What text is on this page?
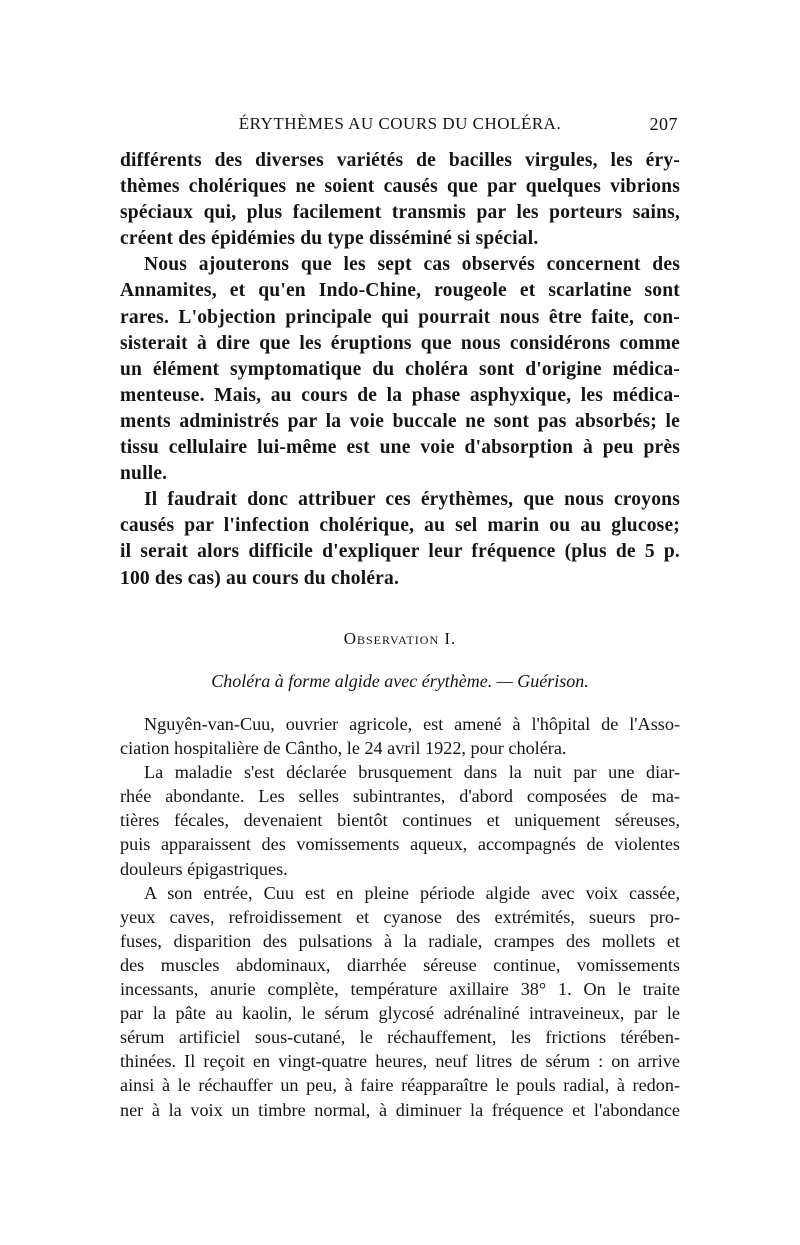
ÉRYTHÈMES AU COURS DU CHOLÉRA.	207
différents des diverses variétés de bacilles virgules, les éry-
thèmes cholériques ne soient causés que par quelques vibrions
spéciaux qui, plus facilement transmis par les porteurs sains,
créent des épidémies du type disséminé si spécial.
Nous ajouterons que les sept cas observés concernent des
Annamites, et qu'en Indo-Chine, rougeole et scarlatine sont
rares. L'objection principale qui pourrait nous être faite, con-
sisterait à dire que les éruptions que nous considérons comme
un élément symptomatique du choléra sont d'origine médica-
menteuse. Mais, au cours de la phase asphyxique, les médica-
ments administrés par la voie buccale ne sont pas absorbés; le
tissu cellulaire lui-même est une voie d'absorption à peu près
nulle.
Il faudrait donc attribuer ces érythèmes, que nous croyons
causés par l'infection cholérique, au sel marin ou au glucose;
il serait alors difficile d'expliquer leur fréquence (plus de 5 p.
100 des cas) au cours du choléra.
Observation I.
Choléra à forme algide avec érythème. — Guérison.
Nguyên-van-Cuu, ouvrier agricole, est amené à l'hôpital de l'Asso-
ciation hospitalière de Cântho, le 24 avril 1922, pour choléra.
La maladie s'est déclarée brusquement dans la nuit par une diar-
rhée abondante. Les selles subintrantes, d'abord composées de ma-
tières fécales, devenaient bientôt continues et uniquement séreuses,
puis apparaissent des vomissements aqueux, accompagnés de violentes
douleurs épigastriques.
A son entrée, Cuu est en pleine période algide avec voix cassée,
yeux caves, refroidissement et cyanose des extrémités, sueurs pro-
fuses, disparition des pulsations à la radiale, crampes des mollets et
des muscles abdominaux, diarrhée séreuse continue, vomissements
incessants, anurie complète, température axillaire 38° 1. On le traite
par la pâte au kaolin, le sérum glycosé adrénaliné intraveineux, par le
sérum artificiel sous-cutané, le réchauffement, les frictions térében-
thinées. Il reçoit en vingt-quatre heures, neuf litres de sérum : on arrive
ainsi à le réchauffer un peu, à faire réapparaître le pouls radial, à redon-
ner à la voix un timbre normal, à diminuer la fréquence et l'abondance
